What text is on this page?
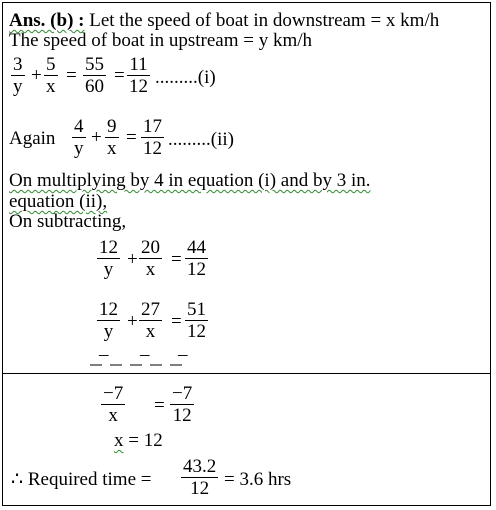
Ans. (b) : Let the speed of boat in downstream = x km/h
The speed of boat in upstream = y km/h
$\frac{3}{y} + \frac{5}{x} = \frac{55}{60} = \frac{11}{12} .........(i)$
Again $\frac{4}{y} + \frac{9}{x} = \frac{17}{12} .........(ii)$
On multiplying by 4 in equation (i) and by 3 in.
equation (ii),
On subtracting,
$\frac{12}{y} + \frac{20}{x} = \frac{44}{12}$
$\frac{12}{y} + \frac{27}{x} = \frac{51}{12}$
– – –
$\frac{-7}{x} = \frac{-7}{12}$
x = 12
∴ Required time = $\frac{43.2}{12} = 3.6$ hrs
